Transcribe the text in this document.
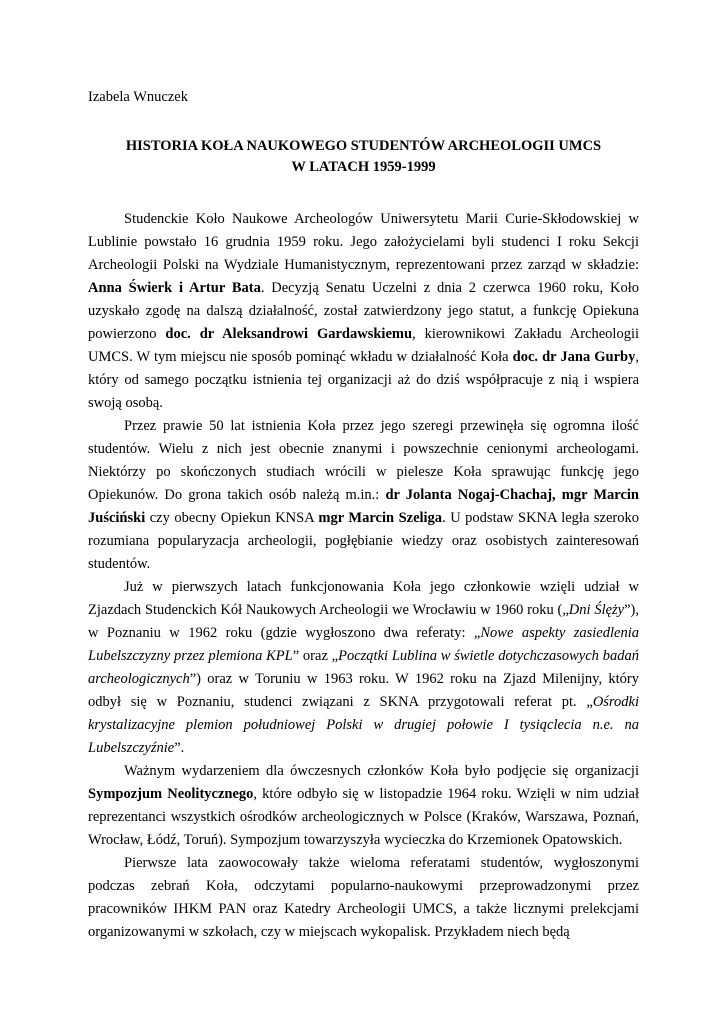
Izabela Wnuczek
HISTORIA KOŁA NAUKOWEGO STUDENTÓW ARCHEOLOGII UMCS
W LATACH 1959-1999

Studenckie Koło Naukowe Archeologów Uniwersytetu Marii Curie-Skłodowskiej w Lublinie powstało 16 grudnia 1959 roku. Jego założycielami byli studenci I roku Sekcji Archeologii Polski na Wydziale Humanistycznym, reprezentowani przez zarząd w składzie: Anna Świerk i Artur Bata. Decyzją Senatu Uczelni z dnia 2 czerwca 1960 roku, Koło uzyskało zgodę na dalszą działalność, został zatwierdzony jego statut, a funkcję Opiekuna powierzono doc. dr Aleksandrowi Gardawskiemu, kierownikowi Zakładu Archeologii UMCS. W tym miejscu nie sposób pominąć wkładu w działalność Koła doc. dr Jana Gurby, który od samego początku istnienia tej organizacji aż do dziś współpracuje z nią i wspiera swoją osobą.

Przez prawie 50 lat istnienia Koła przez jego szeregi przewinęła się ogromna ilość studentów. Wielu z nich jest obecnie znanymi i powszechnie cenionymi archeologami. Niektórzy po skończonych studiach wrócili w pielesze Koła sprawując funkcję jego Opiekunów. Do grona takich osób należą m.in.: dr Jolanta Nogaj-Chachaj, mgr Marcin Juściński czy obecny Opiekun KNSA mgr Marcin Szeliga. U podstaw SKNA legła szeroko rozumiana popularyzacja archeologii, pogłębianie wiedzy oraz osobistych zainteresowań studentów.

Już w pierwszych latach funkcjonowania Koła jego członkowie wzięli udział w Zjazdach Studenckich Kół Naukowych Archeologii we Wrocławiu w 1960 roku („Dni Ślęży”), w Poznaniu w 1962 roku (gdzie wygłoszono dwa referaty: „Nowe aspekty zasiedlenia Lubelszczyzny przez plemiona KPL” oraz „Początki Lublina w świetle dotychczasowych badań archeologicznych”) oraz w Toruniu w 1963 roku. W 1962 roku na Zjazd Milenijny, który odbył się w Poznaniu, studenci związani z SKNA przygotowali referat pt. „Ośrodki krystalizacyjne plemion południowej Polski w drugiej połowie I tysiąclecia n.e. na Lubelszczyźnie”.

Ważnym wydarzeniem dla ówczesnych członków Koła było podjęcie się organizacji Sympozjum Neolitycznego, które odbyło się w listopadzie 1964 roku. Wzięli w nim udział reprezentanci wszystkich ośrodków archeologicznych w Polsce (Kraków, Warszawa, Poznań, Wrocław, Łódź, Toruń). Sympozjum towarzyszyła wycieczka do Krzemionek Opatowskich.

Pierwsze lata zaowocowały także wieloma referatami studentów, wygłoszonymi podczas zebrań Koła, odczytami popularno-naukowymi przeprowadzonymi przez pracowników IHKM PAN oraz Katedry Archeologii UMCS, a także licznymi prelekcjami organizowanymi w szkołach, czy w miejscach wykopalisk. Przykładem niech będą
